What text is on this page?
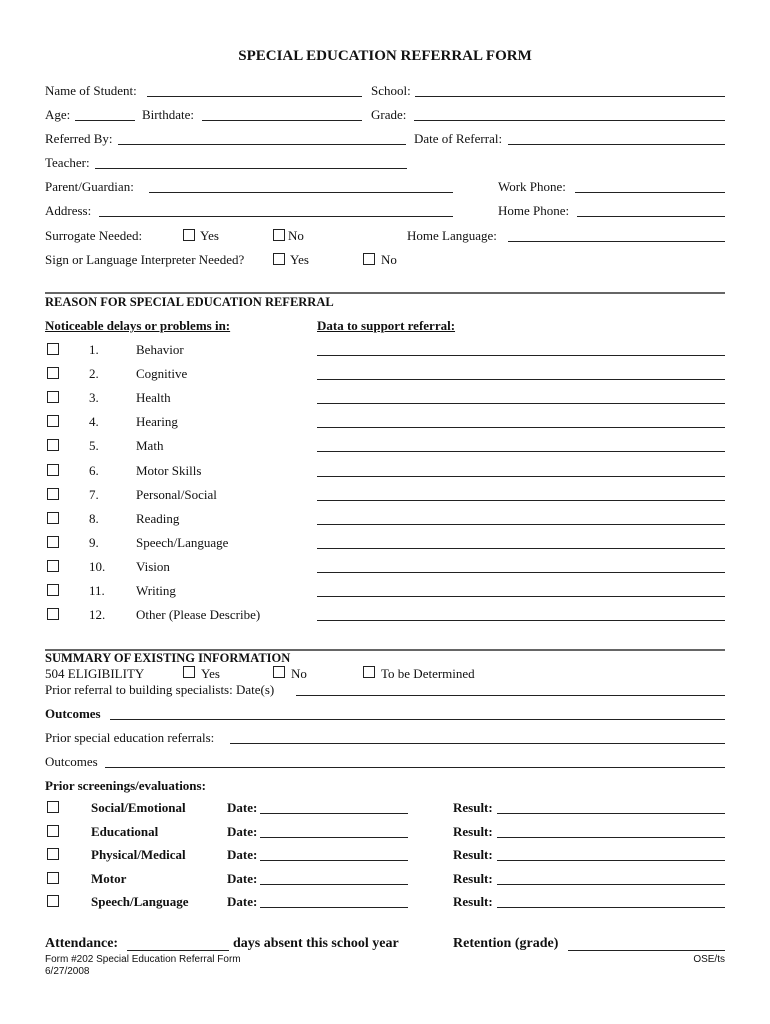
SPECIAL EDUCATION REFERRAL FORM
Name of Student:	School:
Age:	Birthdate:	Grade:
Referred By:	Date of Referral:
Teacher:
Parent/Guardian:	Work Phone:
Address:	Home Phone:
Surrogate Needed:	Yes	No	Home Language:
Sign or Language Interpreter Needed?	Yes	No
REASON FOR SPECIAL EDUCATION REFERRAL
Noticeable delays or problems in:	Data to support referral:
1.	Behavior
2.	Cognitive
3.	Health
4.	Hearing
5.	Math
6.	Motor Skills
7.	Personal/Social
8.	Reading
9.	Speech/Language
10. Vision
11. Writing
12. Other (Please Describe)
SUMMARY OF EXISTING INFORMATION
504 ELIGIBILITY	Yes	No	To be Determined
Prior referral to building specialists: Date(s)
Outcomes
Prior special education referrals:
Outcomes
Prior screenings/evaluations:
Social/Emotional	Date:	Result:
Educational	Date:	Result:
Physical/Medical	Date:	Result:
Motor	Date:	Result:
Speech/Language	Date:	Result:
Attendance:	days absent this school year	Retention (grade)
Form #202 Special Education Referral Form
6/27/2008
OSE/ts
